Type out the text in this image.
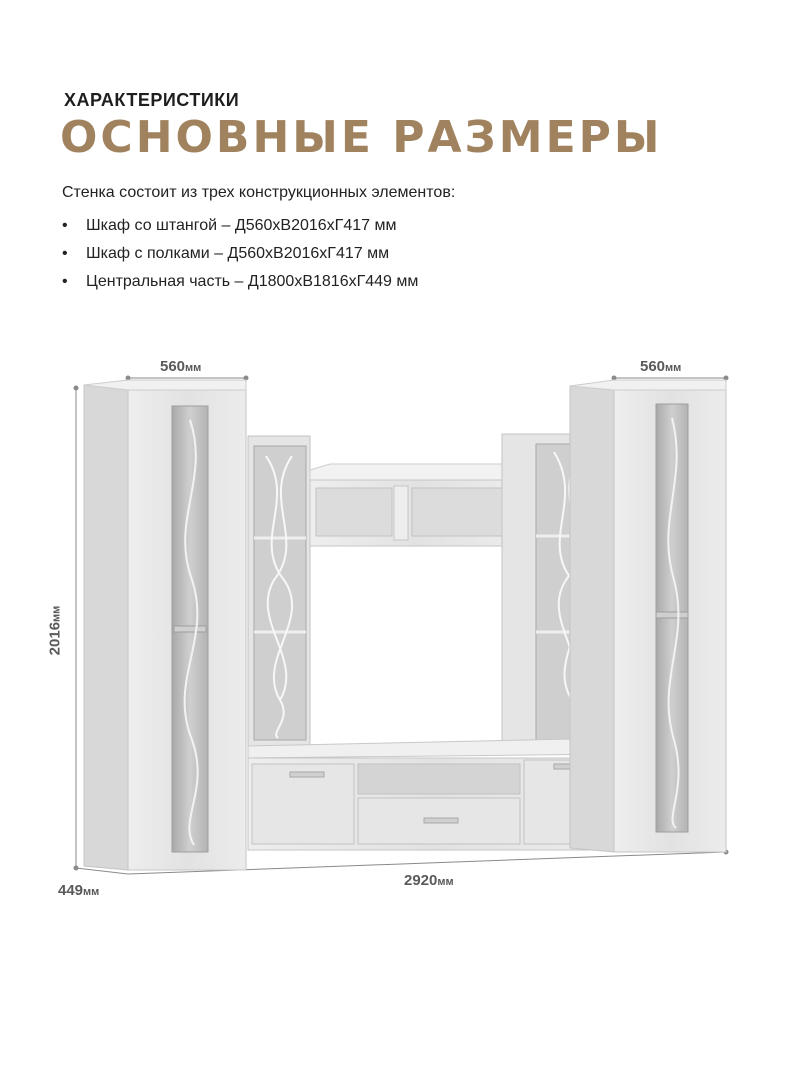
ХАРАКТЕРИСТИКИ
ОСНОВНЫЕ РАЗМЕРЫ
Стенка состоит из трех конструкционных элементов:
• Шкаф со штангой – Д560хВ2016хГ417 мм
• Шкаф с полками – Д560хВ2016хГ417 мм
• Центральная часть – Д1800хВ1816хГ449 мм
560мм	560мм
2016мм
449мм
2920мм
